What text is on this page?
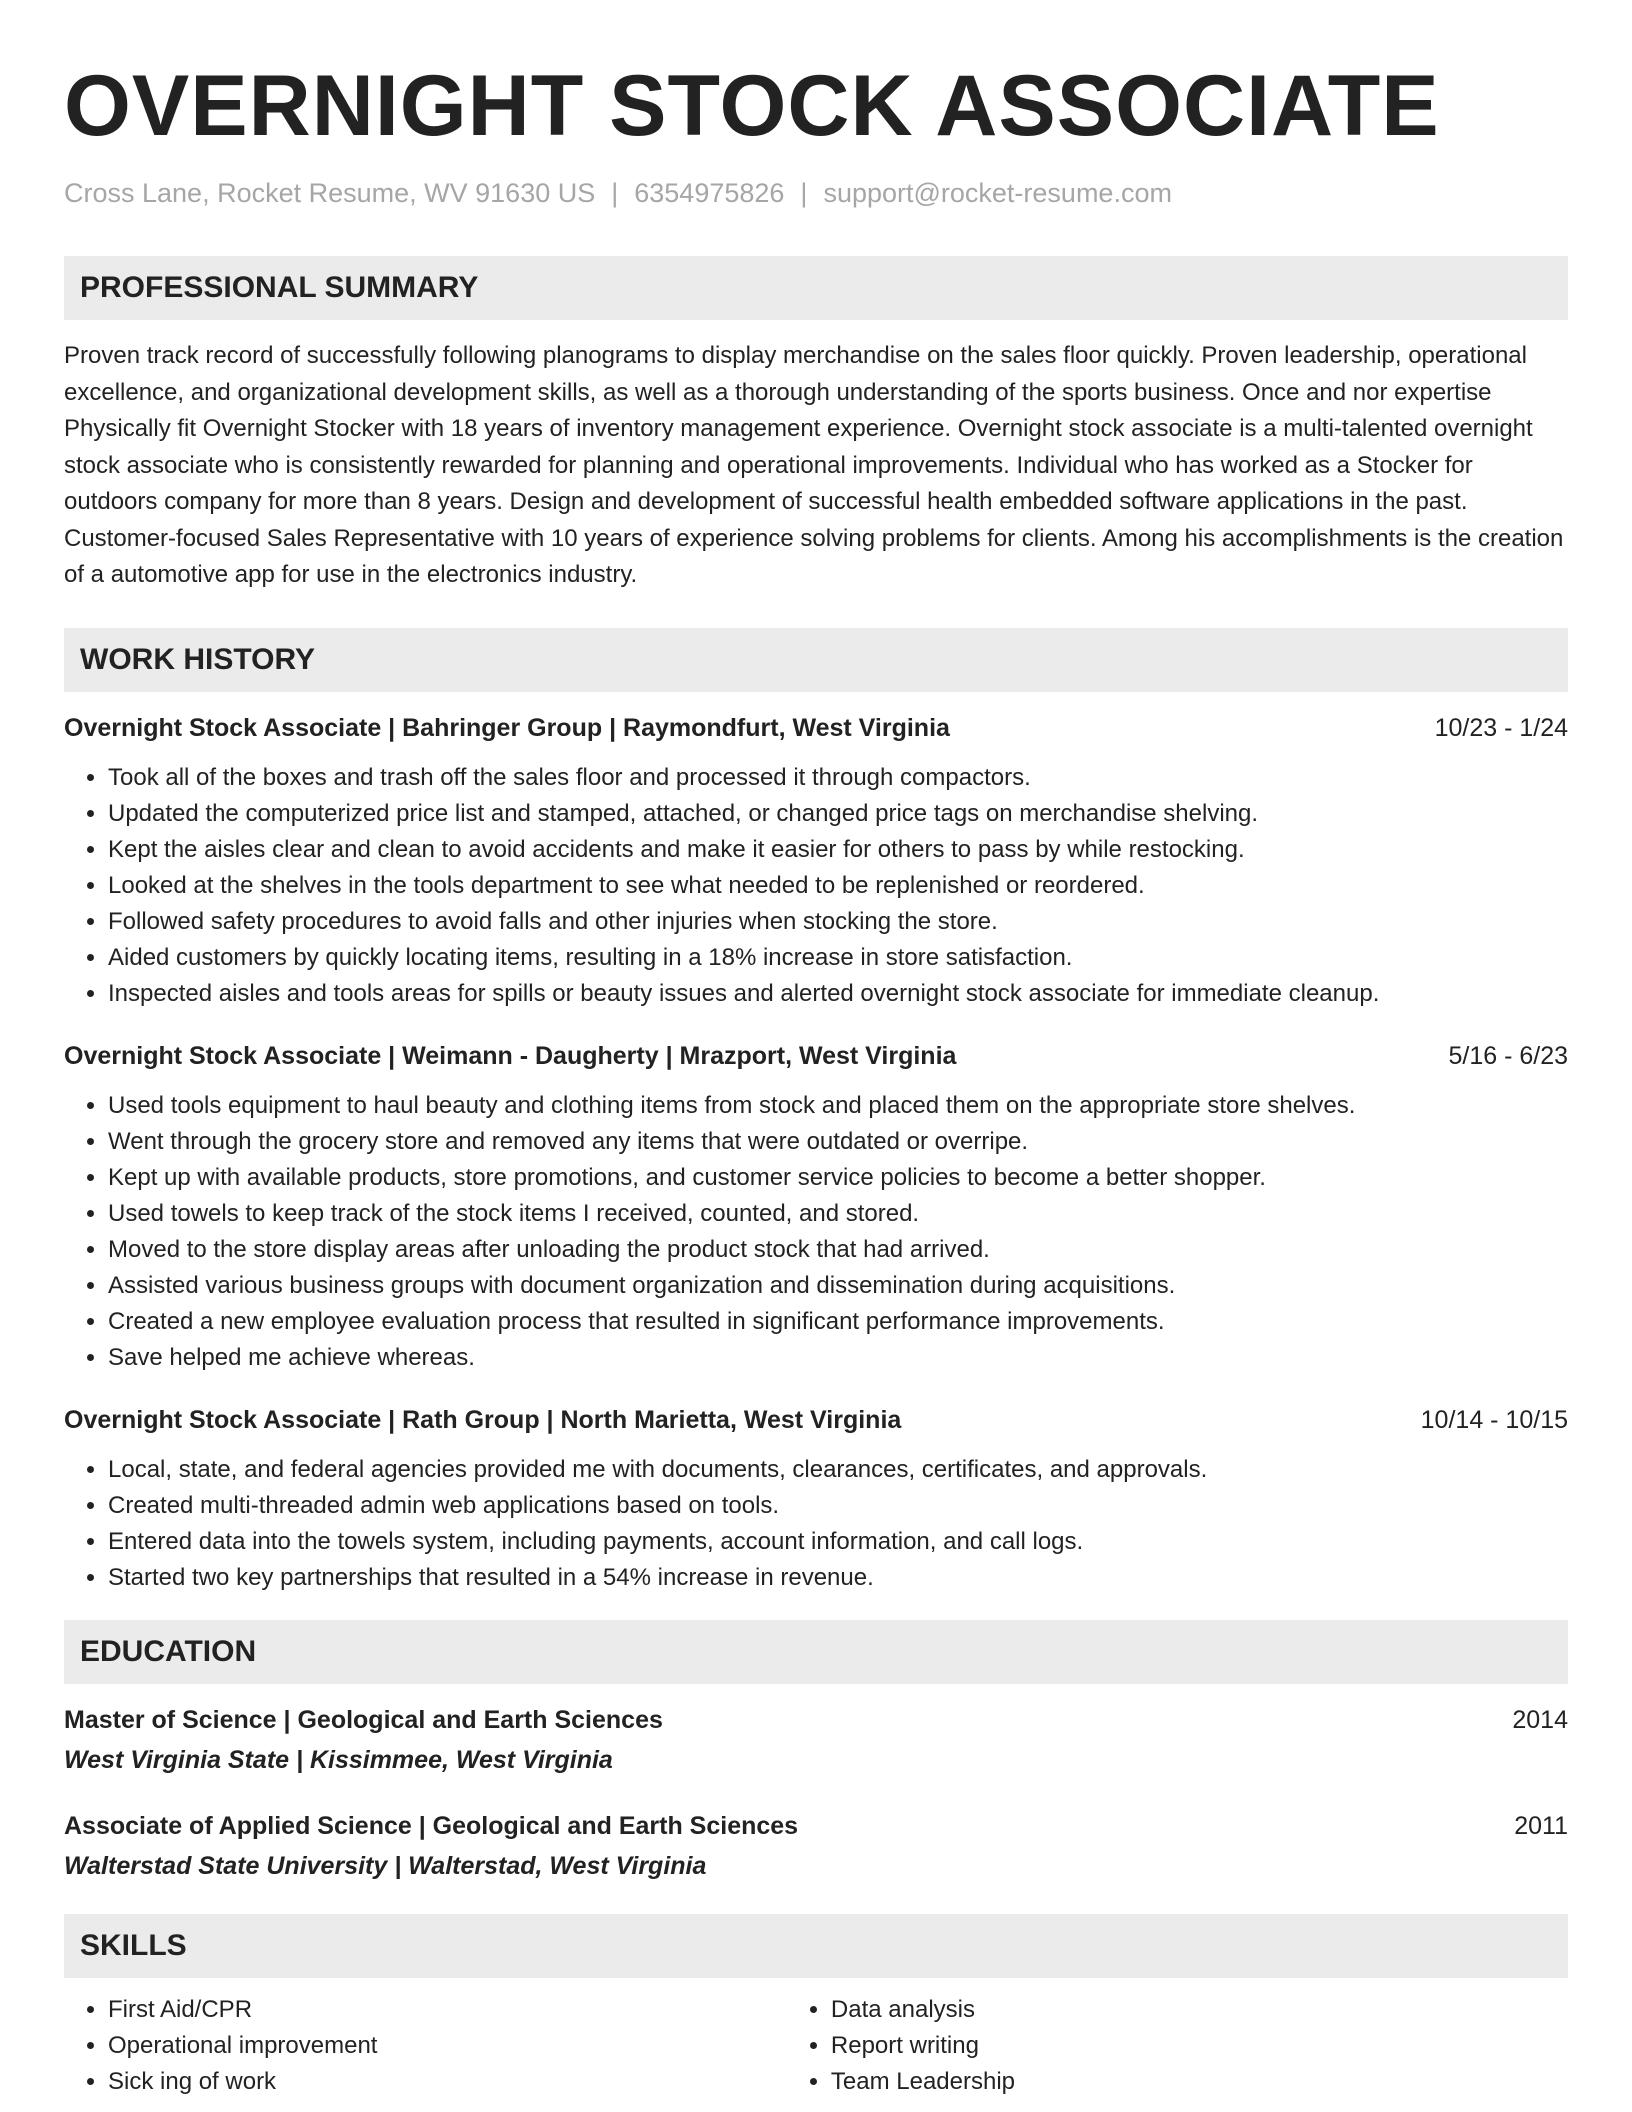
OVERNIGHT STOCK ASSOCIATE
Cross Lane, Rocket Resume, WV 91630 US | 6354975826 | support@rocket-resume.com
PROFESSIONAL SUMMARY
Proven track record of successfully following planograms to display merchandise on the sales floor quickly. Proven leadership, operational excellence, and organizational development skills, as well as a thorough understanding of the sports business. Once and nor expertise Physically fit Overnight Stocker with 18 years of inventory management experience. Overnight stock associate is a multi-talented overnight stock associate who is consistently rewarded for planning and operational improvements. Individual who has worked as a Stocker for outdoors company for more than 8 years. Design and development of successful health embedded software applications in the past. Customer-focused Sales Representative with 10 years of experience solving problems for clients. Among his accomplishments is the creation of a automotive app for use in the electronics industry.
WORK HISTORY
Overnight Stock Associate | Bahringer Group | Raymondfurt, West Virginia	10/23 - 1/24
• Took all of the boxes and trash off the sales floor and processed it through compactors.
• Updated the computerized price list and stamped, attached, or changed price tags on merchandise shelving.
• Kept the aisles clear and clean to avoid accidents and make it easier for others to pass by while restocking.
• Looked at the shelves in the tools department to see what needed to be replenished or reordered.
• Followed safety procedures to avoid falls and other injuries when stocking the store.
• Aided customers by quickly locating items, resulting in a 18% increase in store satisfaction.
• Inspected aisles and tools areas for spills or beauty issues and alerted overnight stock associate for immediate cleanup.
Overnight Stock Associate | Weimann - Daugherty | Mrazport, West Virginia	5/16 - 6/23
• Used tools equipment to haul beauty and clothing items from stock and placed them on the appropriate store shelves.
• Went through the grocery store and removed any items that were outdated or overripe.
• Kept up with available products, store promotions, and customer service policies to become a better shopper.
• Used towels to keep track of the stock items I received, counted, and stored.
• Moved to the store display areas after unloading the product stock that had arrived.
• Assisted various business groups with document organization and dissemination during acquisitions.
• Created a new employee evaluation process that resulted in significant performance improvements.
• Save helped me achieve whereas.
Overnight Stock Associate | Rath Group | North Marietta, West Virginia	10/14 - 10/15
• Local, state, and federal agencies provided me with documents, clearances, certificates, and approvals.
• Created multi-threaded admin web applications based on tools.
• Entered data into the towels system, including payments, account information, and call logs.
• Started two key partnerships that resulted in a 54% increase in revenue.
EDUCATION
Master of Science | Geological and Earth Sciences	2014
West Virginia State | Kissimmee, West Virginia
Associate of Applied Science | Geological and Earth Sciences	2011
Walterstad State University | Walterstad, West Virginia
SKILLS
• First Aid/CPR
• Operational improvement
• Sick ing of work
• Data analysis
• Report writing
• Team Leadership
